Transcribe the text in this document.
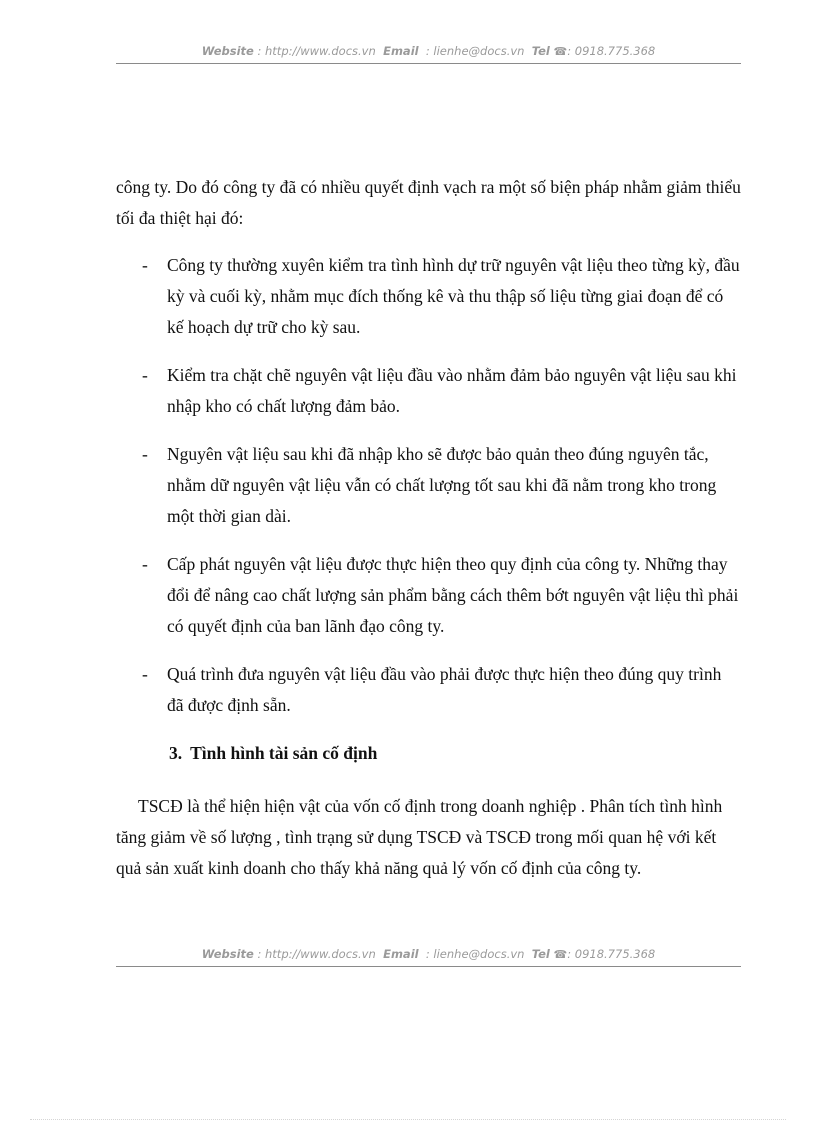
Website : http://www.docs.vn Email : lienhe@docs.vn Tel ☎: 0918.775.368

công ty. Do đó công ty đã có nhiều quyết định vạch ra một số biện pháp nhằm giảm thiểu tối đa thiệt hại đó:

- Công ty thường xuyên kiểm tra tình hình dự trữ nguyên vật liệu theo từng kỳ, đầu kỳ và cuối kỳ, nhằm mục đích thống kê và thu thập số liệu từng giai đoạn để có kế hoạch dự trữ cho kỳ sau.
- Kiểm tra chặt chẽ nguyên vật liệu đầu vào nhằm đảm bảo nguyên vật liệu sau khi nhập kho có chất lượng đảm bảo.
- Nguyên vật liệu sau khi đã nhập kho sẽ được bảo quản theo đúng nguyên tắc, nhằm dữ nguyên vật liệu vẫn có chất lượng tốt sau khi đã nằm trong kho trong một thời gian dài.
- Cấp phát nguyên vật liệu được thực hiện theo quy định của công ty. Những thay đổi để nâng cao chất lượng sản phẩm bằng cách thêm bớt nguyên vật liệu thì phải có quyết định của ban lãnh đạo công ty.
- Quá trình đưa nguyên vật liệu đầu vào phải được thực hiện theo đúng quy trình đã được định sẵn.

3. Tình hình tài sản cố định

TSCĐ là thể hiện hiện vật của vốn cố định trong doanh nghiệp . Phân tích tình hình tăng giảm về số lượng , tình trạng sử dụng TSCĐ và TSCĐ trong mối quan hệ với kết quả sản xuất kinh doanh cho thấy khả năng quả lý vốn cố định của công ty.

Website : http://www.docs.vn Email : lienhe@docs.vn Tel ☎: 0918.775.368
